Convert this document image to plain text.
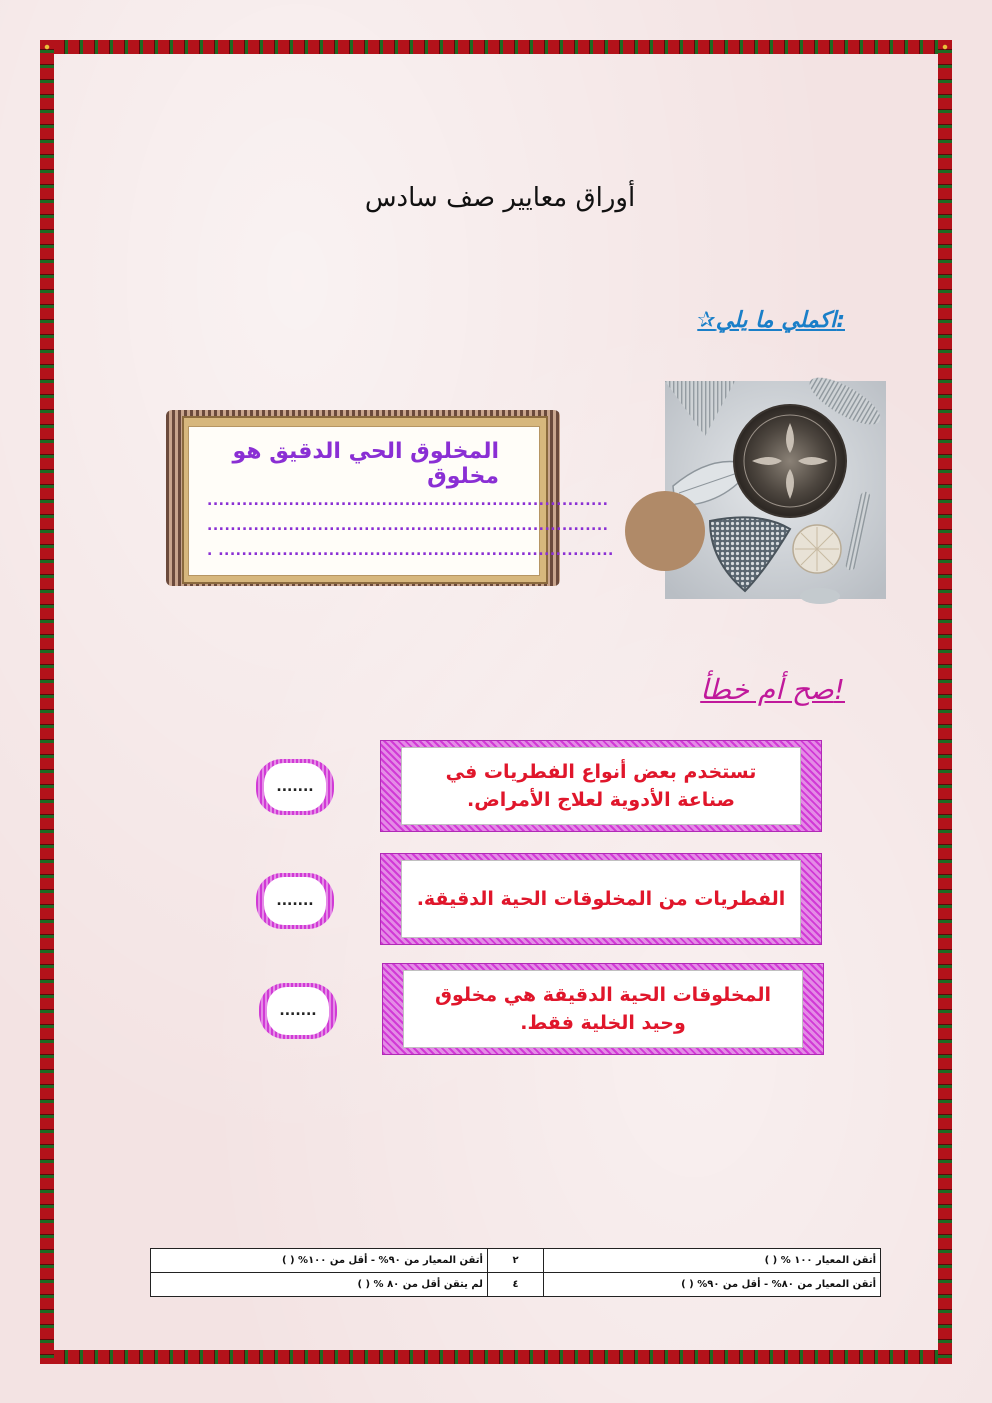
أوراق معايير صف سادس
✰اكملي ما يلي:
المخلوق الحي الدقيق هو مخلوق
.....................................................................
.....................................................................
. ....................................................................
صح أم خطأ!
تستخدم بعض أنواع الفطريات في صناعة الأدوية لعلاج الأمراض.
.......
الفطريات من المخلوقات الحية الدقيقة.
.......
المخلوقات الحية الدقيقة هي مخلوق وحيد الخلية فقط.
.......
أتقن المعيار ١٠٠ % ( )	٢	أتقن المعيار من ٩٠% - أقل من ١٠٠% ( )
أتقن المعيار من ٨٠% - أقل من ٩٠% ( )	٤	لم يتقن أقل من ٨٠ % ( )
